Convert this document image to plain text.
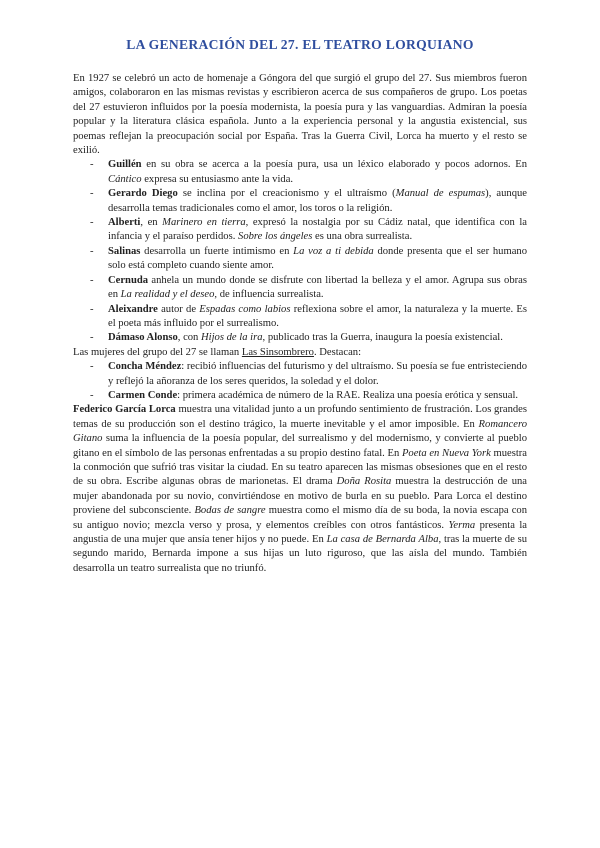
LA GENERACIÓN DEL 27. EL TEATRO LORQUIANO

En 1927 se celebró un acto de homenaje a Góngora del que surgió el grupo del 27. Sus miembros fueron amigos, colaboraron en las mismas revistas y escribieron acerca de sus compañeros de grupo. Los poetas del 27 estuvieron influidos por la poesía modernista, la poesía pura y las vanguardias. Admiran la poesía popular y la literatura clásica española. Junto a la experiencia personal y la angustia existencial, sus poemas reflejan la preocupación social por España. Tras la Guerra Civil, Lorca ha muerto y el resto se exilió.

- Guillén en su obra se acerca a la poesía pura, usa un léxico elaborado y pocos adornos. En Cántico expresa su entusiasmo ante la vida.
- Gerardo Diego se inclina por el creacionismo y el ultraísmo (Manual de espumas), aunque desarrolla temas tradicionales como el amor, los toros o la religión.
- Alberti, en Marinero en tierra, expresó la nostalgia por su Cádiz natal, que identifica con la infancia y el paraíso perdidos. Sobre los ángeles es una obra surrealista.
- Salinas desarrolla un fuerte intimismo en La voz a ti debida donde presenta que el ser humano solo está completo cuando siente amor.
- Cernuda anhela un mundo donde se disfrute con libertad la belleza y el amor. Agrupa sus obras en La realidad y el deseo, de influencia surrealista.
- Aleixandre autor de Espadas como labios reflexiona sobre el amor, la naturaleza y la muerte. Es el poeta más influido por el surrealismo.
- Dámaso Alonso, con Hijos de la ira, publicado tras la Guerra, inaugura la poesía existencial.

Las mujeres del grupo del 27 se llaman Las Sinsombrero. Destacan:

- Concha Méndez: recibió influencias del futurismo y del ultraísmo. Su poesía se fue entristeciendo y reflejó la añoranza de los seres queridos, la soledad y el dolor.
- Carmen Conde: primera académica de número de la RAE. Realiza una poesía erótica y sensual.

Federico García Lorca muestra una vitalidad junto a un profundo sentimiento de frustración. Los grandes temas de su producción son el destino trágico, la muerte inevitable y el amor imposible. En Romancero Gitano suma la influencia de la poesía popular, del surrealismo y del modernismo, y convierte al pueblo gitano en el símbolo de las personas enfrentadas a su propio destino fatal. En Poeta en Nueva York muestra la conmoción que sufrió tras visitar la ciudad. En su teatro aparecen las mismas obsesiones que en el resto de su obra. Escribe algunas obras de marionetas. El drama Doña Rosita muestra la destrucción de una mujer abandonada por su novio, convirtiéndose en motivo de burla en su pueblo. Para Lorca el destino proviene del subconsciente. Bodas de sangre muestra como el mismo día de su boda, la novia escapa con su antiguo novio; mezcla verso y prosa, y elementos creíbles con otros fantásticos. Yerma presenta la angustia de una mujer que ansía tener hijos y no puede. En La casa de Bernarda Alba, tras la muerte de su segundo marido, Bernarda impone a sus hijas un luto riguroso, que las aísla del mundo. También desarrolla un teatro surrealista que no triunfó.
